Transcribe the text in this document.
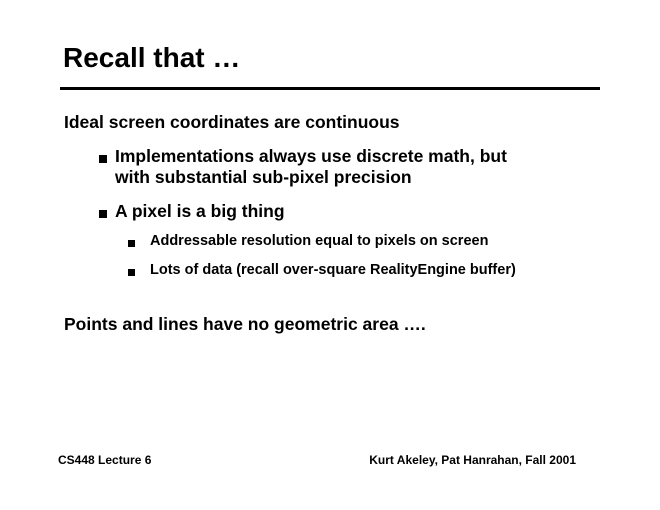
Recall that …
Ideal screen coordinates are continuous
Implementations always use discrete math, but
with substantial sub-pixel precision
A pixel is a big thing
Addressable resolution equal to pixels on screen
Lots of data (recall over-square RealityEngine buffer)
Points and lines have no geometric area ….
CS448 Lecture 6	Kurt Akeley, Pat Hanrahan, Fall 2001
